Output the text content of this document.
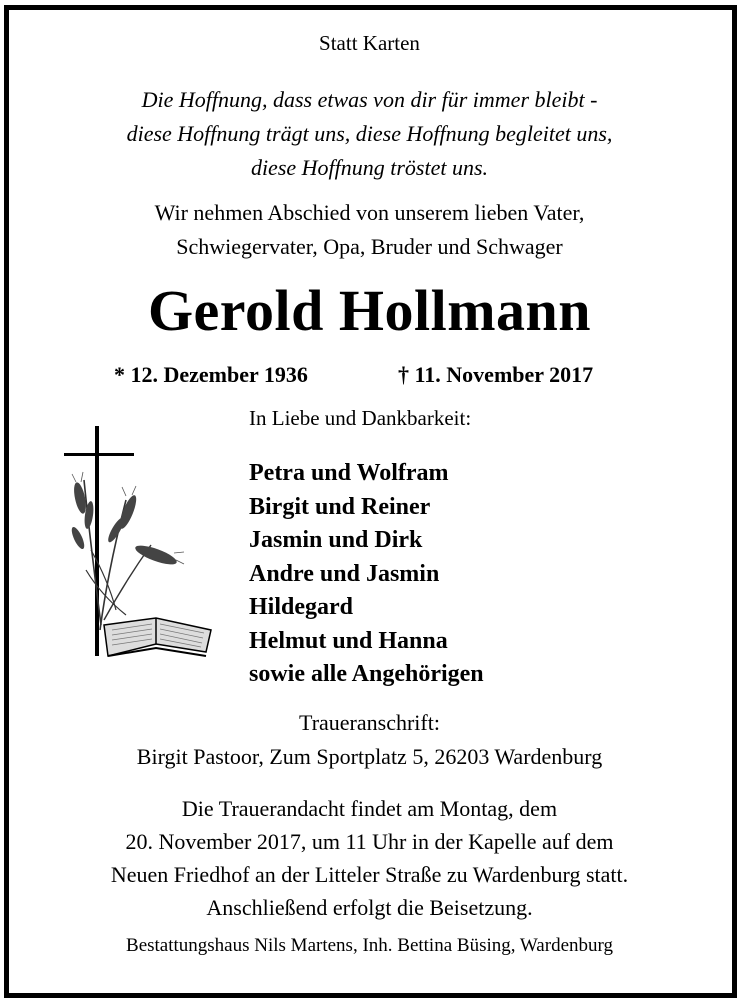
Statt Karten
Die Hoffnung, dass etwas von dir für immer bleibt -
diese Hoffnung trägt uns, diese Hoffnung begleitet uns,
diese Hoffnung tröstet uns.
Wir nehmen Abschied von unserem lieben Vater,
Schwiegervater, Opa, Bruder und Schwager
Gerold Hollmann
* 12. Dezember 1936	† 11. November 2017
In Liebe und Dankbarkeit:
Petra und Wolfram
Birgit und Reiner
Jasmin und Dirk
Andre und Jasmin
Hildegard
Helmut und Hanna
sowie alle Angehörigen
Traueranschrift:
Birgit Pastoor, Zum Sportplatz 5, 26203 Wardenburg
Die Trauerandacht findet am Montag, dem
20. November 2017, um 11 Uhr in der Kapelle auf dem
Neuen Friedhof an der Litteler Straße zu Wardenburg statt.
Anschließend erfolgt die Beisetzung.
Bestattungshaus Nils Martens, Inh. Bettina Büsing, Wardenburg
